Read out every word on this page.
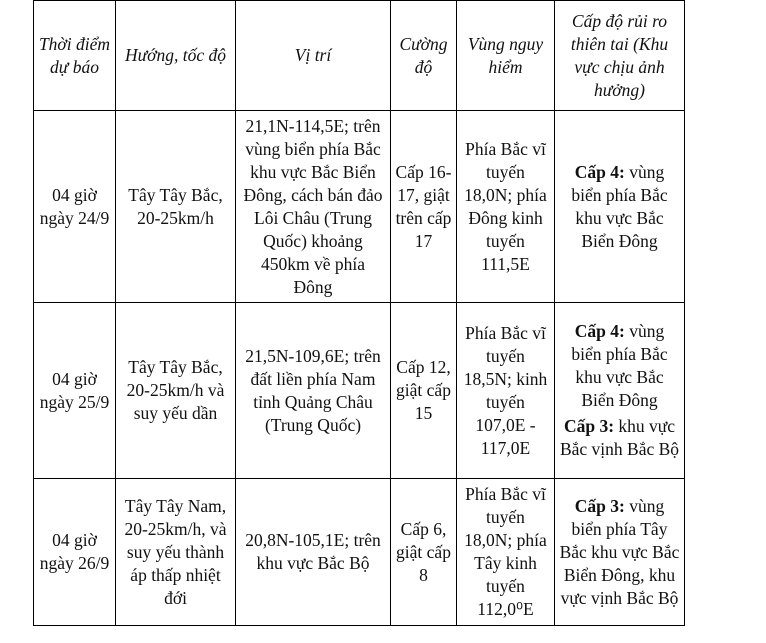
Thời điểm dự báo	Hướng, tốc độ	Vị trí	Cường độ	Vùng nguy hiểm	Cấp độ rủi ro thiên tai (Khu vực chịu ảnh hưởng)
04 giờ ngày 24/9	Tây Tây Bắc, 20-25km/h	21,1N-114,5E; trên vùng biển phía Bắc khu vực Bắc Biển Đông, cách bán đảo Lôi Châu (Trung Quốc) khoảng 450km về phía Đông	Cấp 16-17, giật trên cấp 17	Phía Bắc vĩ tuyến 18,0N; phía Đông kinh tuyến 111,5E	Cấp 4: vùng biển phía Bắc khu vực Bắc Biển Đông

04 giờ ngày 25/9	Tây Tây Bắc, 20-25km/h và suy yếu dần	21,5N-109,6E; trên đất liền phía Nam tỉnh Quảng Châu (Trung Quốc)	Cấp 12, giật cấp 15	Phía Bắc vĩ tuyến 18,5N; kinh tuyến 107,0E - 117,0E	Cấp 4: vùng biển phía Bắc khu vực Bắc Biển Đông
Cấp 3: khu vực Bắc vịnh Bắc Bộ

04 giờ ngày 26/9	Tây Tây Nam, 20-25km/h, và suy yếu thành áp thấp nhiệt đới	20,8N-105,1E; trên khu vực Bắc Bộ	Cấp 6, giật cấp 8	Phía Bắc vĩ tuyến 18,0N; phía Tây kinh tuyến 112,0⁰E	Cấp 3: vùng biển phía Tây Bắc khu vực Bắc Biển Đông, khu vực vịnh Bắc Bộ
